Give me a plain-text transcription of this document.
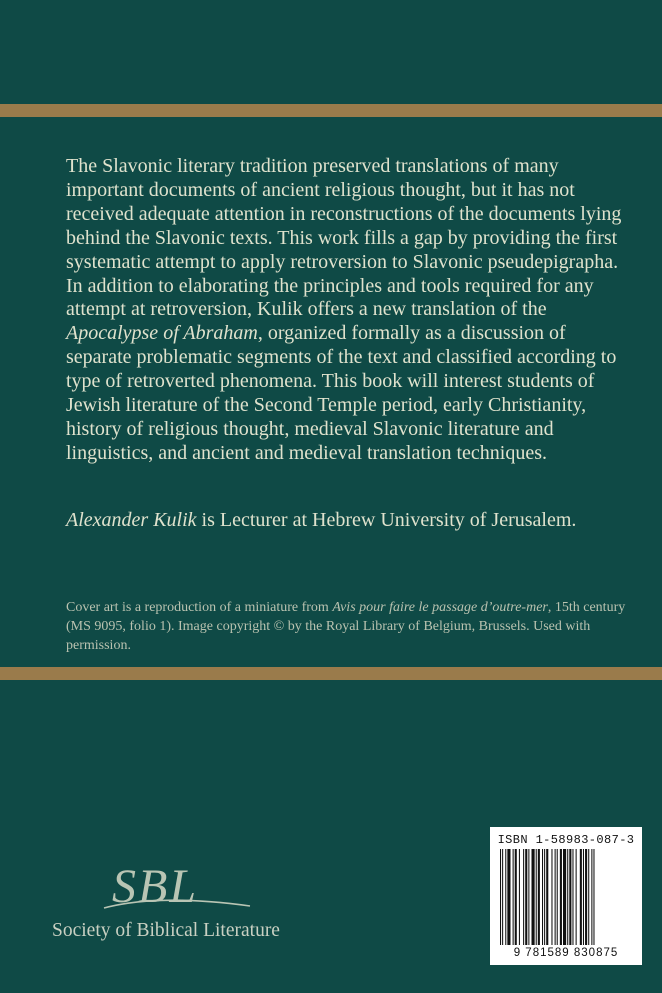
The Slavonic literary tradition preserved translations of many important documents of ancient religious thought, but it has not received adequate attention in reconstructions of the documents lying behind the Slavonic texts. This work fills a gap by providing the first systematic attempt to apply retroversion to Slavonic pseudepigrapha. In addition to elaborating the principles and tools required for any attempt at retroversion, Kulik offers a new translation of the Apocalypse of Abraham, organized formally as a discussion of separate problematic segments of the text and classified according to type of retroverted phenomena. This book will interest students of Jewish literature of the Second Temple period, early Christianity, history of religious thought, medieval Slavonic literature and linguistics, and ancient and medieval translation techniques.

Alexander Kulik is Lecturer at Hebrew University of Jerusalem.

Cover art is a reproduction of a miniature from Avis pour faire le passage d’outre-mer, 15th century (MS 9095, folio 1). Image copyright © by the Royal Library of Belgium, Brussels. Used with permission.

SBL
Society of Biblical Literature
ISBN 1-58983-087-3
9 781589 830875
